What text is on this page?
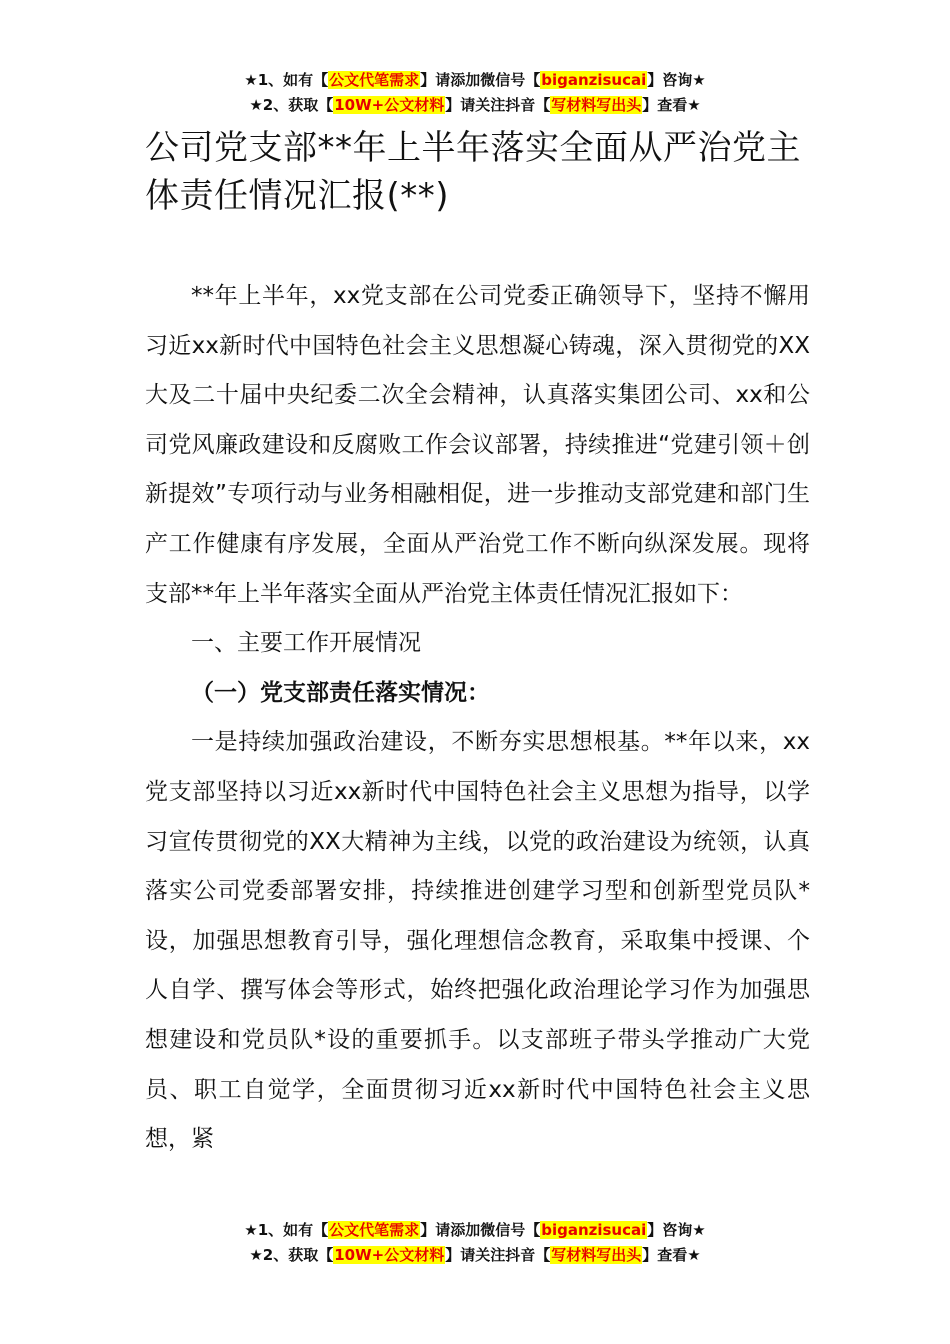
★1、如有【公文代笔需求】请添加微信号【biganzisucai】咨询★
★2、获取【10W+公文材料】请关注抖音【写材料写出头】查看★
公司党支部**年上半年落实全面从严治党主体责任情况汇报(**)

**年上半年，xx党支部在公司党委正确领导下，坚持不懈用习近xx新时代中国特色社会主义思想凝心铸魂，深入贯彻党的XX大及二十届中央纪委二次全会精神，认真落实集团公司、xx和公司党风廉政建设和反腐败工作会议部署，持续推进“党建引领＋创新提效”专项行动与业务相融相促，进一步推动支部党建和部门生产工作健康有序发展，全面从严治党工作不断向纵深发展。现将支部**年上半年落实全面从严治党主体责任情况汇报如下：

一、主要工作开展情况

（一）党支部责任落实情况：

一是持续加强政治建设，不断夯实思想根基。**年以来，xx党支部坚持以习近xx新时代中国特色社会主义思想为指导，以学习宣传贯彻党的XX大精神为主线，以党的政治建设为统领，认真落实公司党委部署安排，持续推进创建学习型和创新型党员队*设，加强思想教育引导，强化理想信念教育，采取集中授课、个人自学、撰写体会等形式，始终把强化政治理论学习作为加强思想建设和党员队*设的重要抓手。以支部班子带头学推动广大党员、职工自觉学，全面贯彻习近xx新时代中国特色社会主义思想，紧

★1、如有【公文代笔需求】请添加微信号【biganzisucai】咨询★
★2、获取【10W+公文材料】请关注抖音【写材料写出头】查看★
